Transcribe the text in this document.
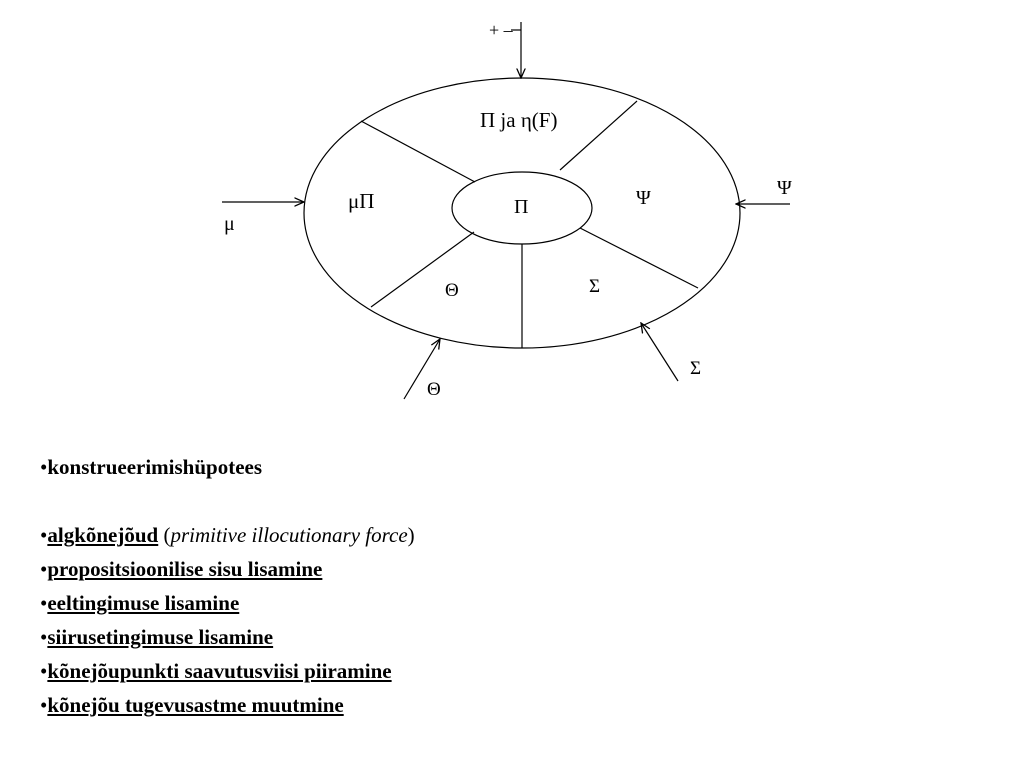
Π ja η(F)
μΠ	Ψ
Θ	Σ
Π
+ –
μ
Ψ
Θ
Σ
•konstrueerimishüpotees
•algkõnejõud (primitive illocutionary force)
•propositsioonilise sisu lisamine
•eeltingimuse lisamine
•siirusetingimuse lisamine
•kõnejõupunkti saavutusviisi piiramine
•kõnejõu tugevusastme muutmine
